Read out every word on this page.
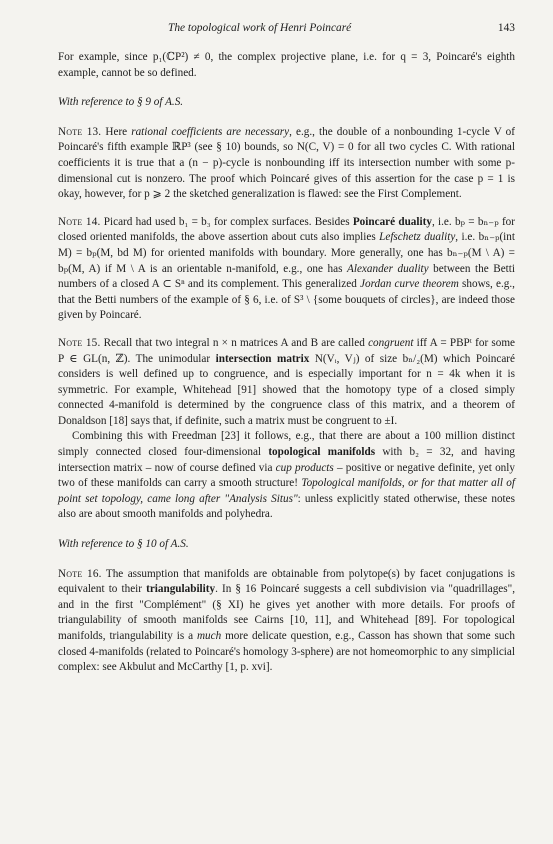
The topological work of Henri Poincaré	143

For example, since p₁(ℂP²) ≠ 0, the complex projective plane, i.e. for q = 3, Poincaré's eighth example, cannot be so defined.

With reference to § 9 of A.S.

Note 13. Here rational coefficients are necessary, e.g., the double of a nonbounding 1-cycle V of Poincaré's fifth example ℝP³ (see § 10) bounds, so N(C, V) = 0 for all two cycles C. With rational coefficients it is true that a (n − p)-cycle is nonbounding iff its intersection number with some p-dimensional cut is nonzero. The proof which Poincaré gives of this assertion for the case p = 1 is okay, however, for p ⩾ 2 the sketched generalization is flawed: see the First Complement.

Note 14. Picard had used b₁ = b₃ for complex surfaces. Besides Poincaré duality, i.e. bₚ = bₙ₋ₚ for closed oriented manifolds, the above assertion about cuts also implies Lefschetz duality, i.e. bₙ₋ₚ(int M) = bₚ(M, bd M) for oriented manifolds with boundary. More generally, one has bₙ₋ₚ(M \ A) = bₚ(M, A) if M \ A is an orientable n-manifold, e.g., one has Alexander duality between the Betti numbers of a closed A ⊂ Sⁿ and its complement. This generalized Jordan curve theorem shows, e.g., that the Betti numbers of the example of § 6, i.e. of S³ \ {some bouquets of circles}, are indeed those given by Poincaré.

Note 15. Recall that two integral n × n matrices A and B are called congruent iff A = PBPᵗ for some P ∈ GL(n, ℤ). The unimodular intersection matrix N(Vᵢ, Vⱼ) of size bₙ/₂(M) which Poincaré considers is well defined up to congruence, and is especially important for n = 4k when it is symmetric. For example, Whitehead [91] showed that the homotopy type of a closed simply connected 4-manifold is determined by the congruence class of this matrix, and a theorem of Donaldson [18] says that, if definite, such a matrix must be congruent to ±I.

Combining this with Freedman [23] it follows, e.g., that there are about a 100 million distinct simply connected closed four-dimensional topological manifolds with b₂ = 32, and having intersection matrix – now of course defined via cup products – positive or negative definite, yet only two of these manifolds can carry a smooth structure! Topological manifolds, or for that matter all of point set topology, came long after "Analysis Situs": unless explicitly stated otherwise, these notes also are about smooth manifolds and polyhedra.

With reference to § 10 of A.S.

Note 16. The assumption that manifolds are obtainable from polytope(s) by facet conjugations is equivalent to their triangulability. In § 16 Poincaré suggests a cell subdivision via "quadrillages", and in the first "Complément" (§ XI) he gives yet another with more details. For proofs of triangulability of smooth manifolds see Cairns [10, 11], and Whitehead [89]. For topological manifolds, triangulability is a much more delicate question, e.g., Casson has shown that some such closed 4-manifolds (related to Poincaré's homology 3-sphere) are not homeomorphic to any simplicial complex: see Akbulut and McCarthy [1, p. xvi].
